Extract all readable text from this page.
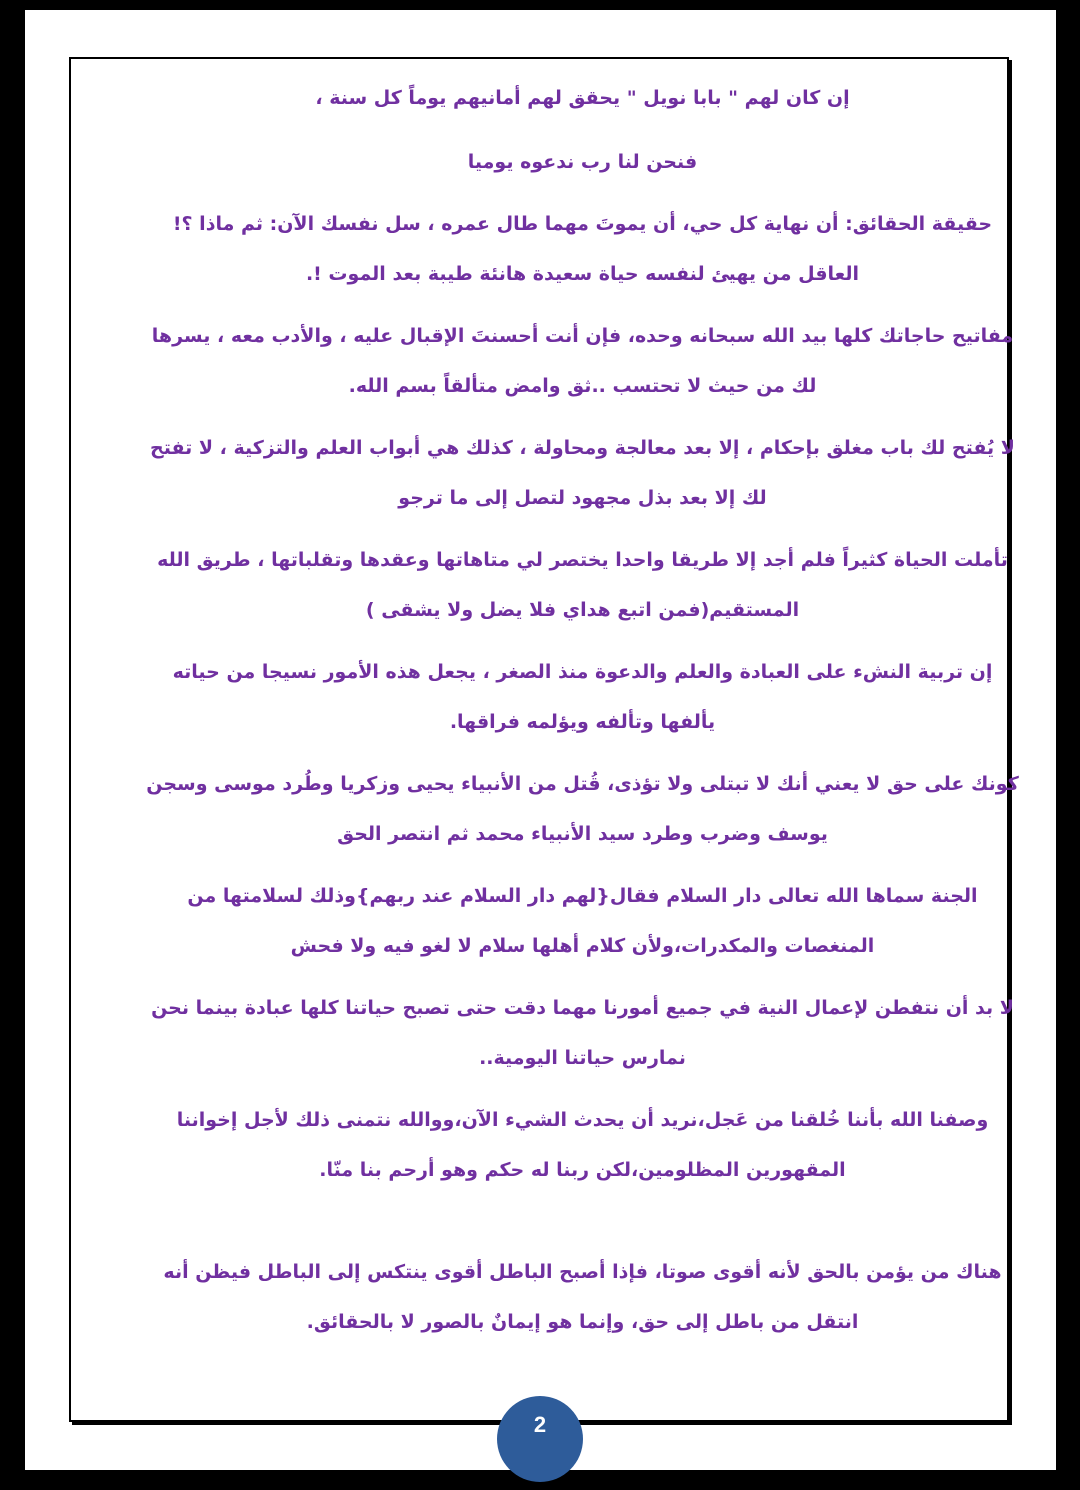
إن كان لهم " بابا نويل " يحقق لهم أمانيهم يوماً كل سنة ،

فنحن لنا رب ندعوه يوميا

حقيقة الحقائق: أن نهاية كل حي، أن يموتَ مهما طال عمره ، سل نفسك الآن: ثم ماذا ؟! العاقل من يهيئ لنفسه حياة سعيدة هانئة طيبة بعد الموت !.

مفاتيح حاجاتك كلها بيد الله سبحانه وحده، فإن أنت أحسنتَ الإقبال عليه ، والأدب معه ، يسرها لك من حيث لا تحتسب ..ثق وامض متألقاً بسم الله.

لا يُفتح لك باب مغلق بإحكام ، إلا بعد معالجة ومحاولة ، كذلك هي أبواب العلم والتزكية ، لا تفتح لك إلا بعد بذل مجهود لتصل إلى ما ترجو

تأملت الحياة كثيراً فلم أجد إلا طريقا واحدا يختصر لي متاهاتها وعقدها وتقلباتها ، طريق الله المستقيم(فمن اتبع هداي فلا يضل ولا يشقى )

إن تربية النشء على العبادة والعلم والدعوة منذ الصغر ، يجعل هذه الأمور نسيجا من حياته يألفها وتألفه ويؤلمه فراقها.

كونك على حق لا يعني أنك لا تبتلى ولا تؤذى، قُتل من الأنبياء يحيى وزكريا وطُرد موسى وسجن يوسف وضرب وطرد سيد الأنبياء محمد ثم انتصر الحق

الجنة سماها الله تعالى دار السلام فقال{لهم دار السلام عند ربهم}وذلك لسلامتها من المنغصات والمكدرات،ولأن كلام أهلها سلام لا لغو فيه ولا فحش

لا بد أن نتفطن لإعمال النية في جميع أمورنا مهما دقت حتى تصبح حياتنا كلها عبادة بينما نحن نمارس حياتنا اليومية..

وصفنا الله بأننا خُلقنا من عَجل،نريد أن يحدث الشيء الآن،ووالله نتمنى ذلك لأجل إخواننا المقهورين المظلومين،لكن ربنا له حكم وهو أرحم بنا منّا.

هناك من يؤمن بالحق لأنه أقوى صوتا، فإذا أصبح الباطل أقوى ينتكس إلى الباطل فيظن أنه انتقل من باطل إلى حق، وإنما هو إيمانٌ بالصور لا بالحقائق.

2
